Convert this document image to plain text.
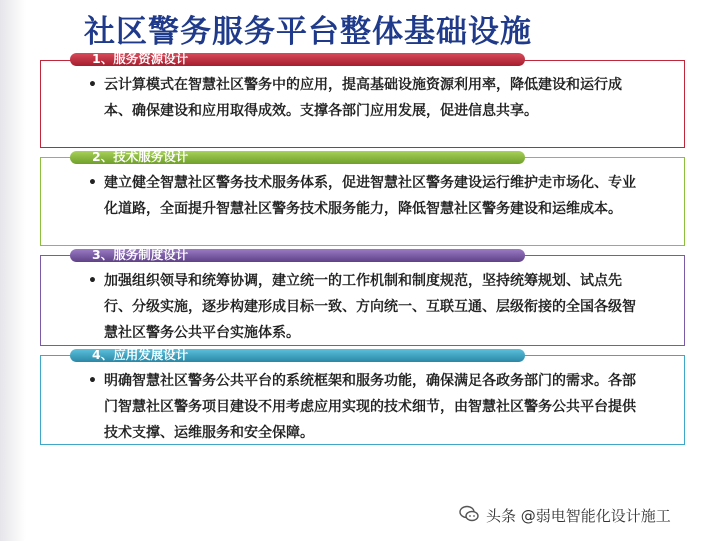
社区警务服务平台整体基础设施
1、服务资源设计
• 云计算模式在智慧社区警务中的应用，提高基础设施资源利用率，降低建设和运行成本、确保建设和应用取得成效。支撑各部门应用发展，促进信息共享。
2、技术服务设计
• 建立健全智慧社区警务技术服务体系，促进智慧社区警务建设运行维护走市场化、专业化道路，全面提升智慧社区警务技术服务能力，降低智慧社区警务建设和运维成本。
3、服务制度设计
• 加强组织领导和统筹协调，建立统一的工作机制和制度规范，坚持统筹规划、试点先行、分级实施，逐步构建形成目标一致、方向统一、互联互通、层级衔接的全国各级智慧社区警务公共平台实施体系。
4、应用发展设计
• 明确智慧社区警务公共平台的系统框架和服务功能，确保满足各政务部门的需求。各部门智慧社区警务项目建设不用考虑应用实现的技术细节，由智慧社区警务公共平台提供技术支撑、运维服务和安全保障。
头条 @弱电智能化设计施工
